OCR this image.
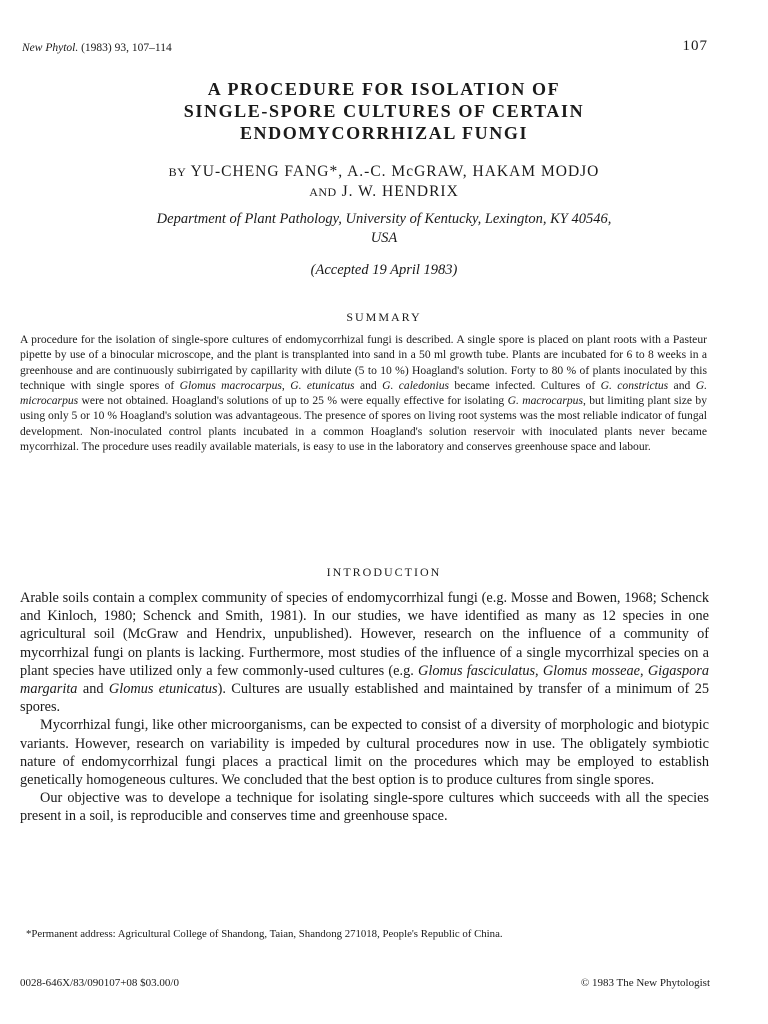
New Phytol. (1983) 93, 107–114	107
A PROCEDURE FOR ISOLATION OF
SINGLE-SPORE CULTURES OF CERTAIN
ENDOMYCORRHIZAL FUNGI
BY YU-CHENG FANG*, A.-C. McGRAW, HAKAM MODJO
AND J. W. HENDRIX
Department of Plant Pathology, University of Kentucky, Lexington, KY 40546,
USA
(Accepted 19 April 1983)
SUMMARY

A procedure for the isolation of single-spore cultures of endomycorrhizal fungi is described. A single spore is placed on plant roots with a Pasteur pipette by use of a binocular microscope, and the plant is transplanted into sand in a 50 ml growth tube. Plants are incubated for 6 to 8 weeks in a greenhouse and are continuously subirrigated by capillarity with dilute (5 to 10 %) Hoagland's solution. Forty to 80 % of plants inoculated by this technique with single spores of Glomus macrocarpus, G. etunicatus and G. caledonius became infected. Cultures of G. constrictus and G. microcarpus were not obtained. Hoagland's solutions of up to 25 % were equally effective for isolating G. macrocarpus, but limiting plant size by using only 5 or 10 % Hoagland's solution was advantageous. The presence of spores on living root systems was the most reliable indicator of fungal development. Non-inoculated control plants incubated in a common Hoagland's solution reservoir with inoculated plants never became mycorrhizal. The procedure uses readily available materials, is easy to use in the laboratory and conserves greenhouse space and labour.

INTRODUCTION

Arable soils contain a complex community of species of endomycorrhizal fungi (e.g. Mosse and Bowen, 1968; Schenck and Kinloch, 1980; Schenck and Smith, 1981). In our studies, we have identified as many as 12 species in one agricultural soil (McGraw and Hendrix, unpublished). However, research on the influence of a community of mycorrhizal fungi on plants is lacking. Furthermore, most studies of the influence of a single mycorrhizal species on a plant species have utilized only a few commonly-used cultures (e.g. Glomus fasciculatus, Glomus mosseae, Gigaspora margarita and Glomus etunicatus). Cultures are usually established and maintained by transfer of a minimum of 25 spores.

Mycorrhizal fungi, like other microorganisms, can be expected to consist of a diversity of morphologic and biotypic variants. However, research on variability is impeded by cultural procedures now in use. The obligately symbiotic nature of endomycorrhizal fungi places a practical limit on the procedures which may be employed to establish genetically homogeneous cultures. We concluded that the best option is to produce cultures from single spores.

Our objective was to develope a technique for isolating single-spore cultures which succeeds with all the species present in a soil, is reproducible and conserves time and greenhouse space.

*Permanent address: Agricultural College of Shandong, Taian, Shandong 271018, People's Republic of China.
0028-646X/83/090107+08 $03.00/0	© 1983 The New Phytologist
